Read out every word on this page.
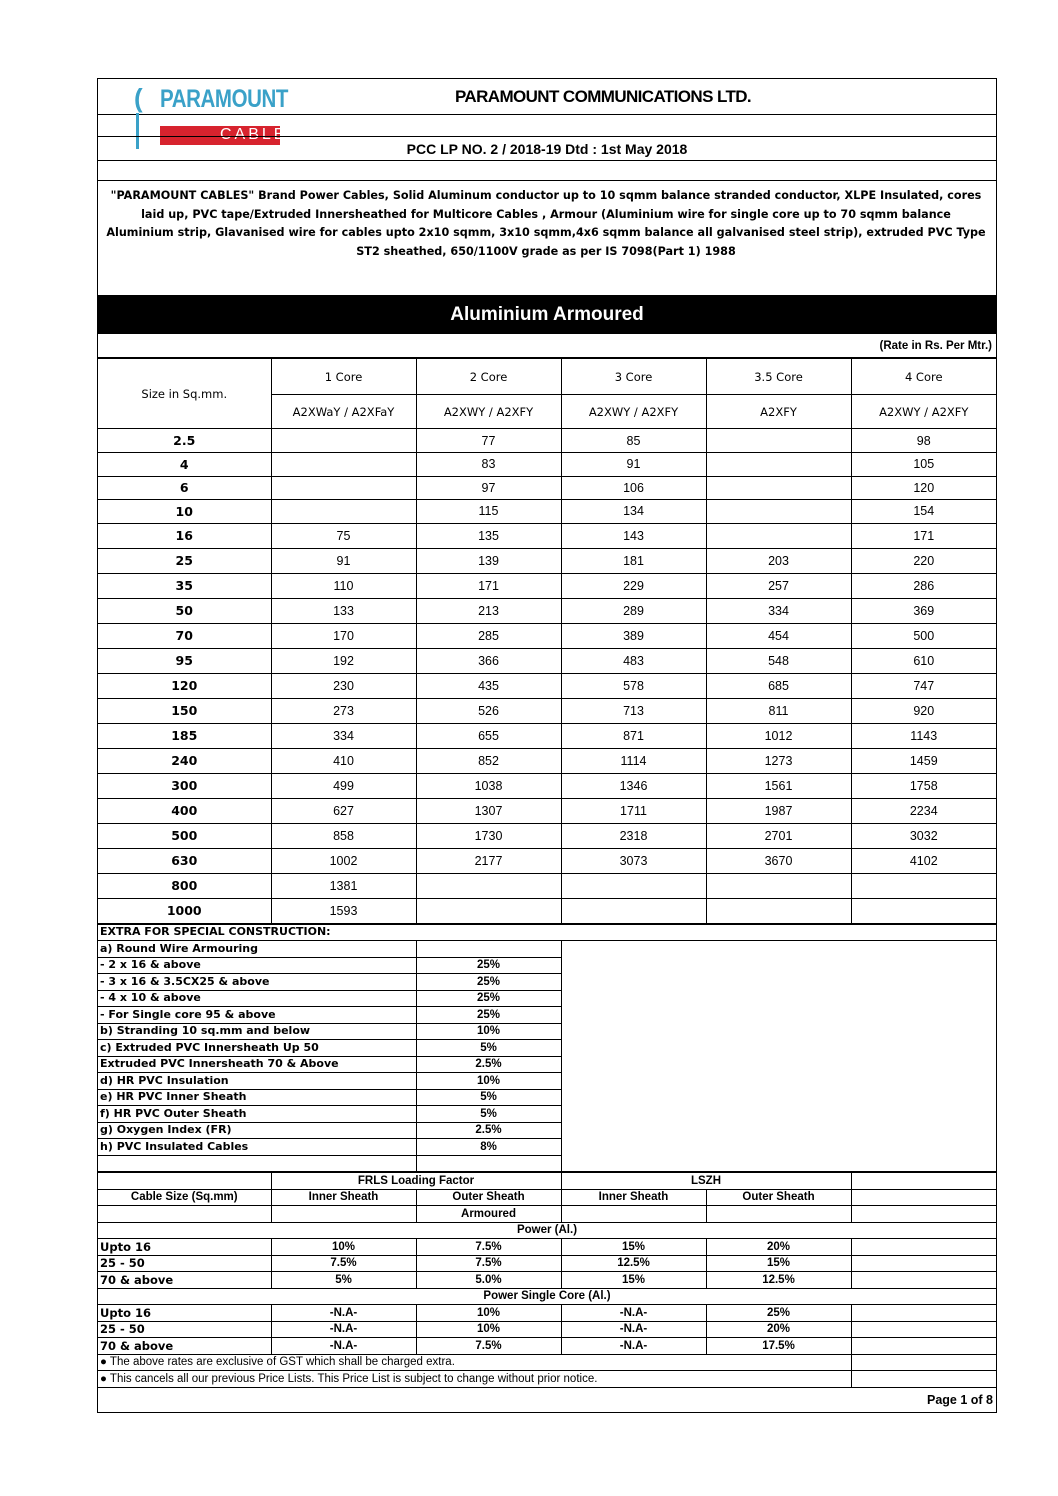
( PARAMOUNT
CABLES
PARAMOUNT COMMUNICATIONS LTD.
PCC LP NO. 2 / 2018-19 Dtd : 1st May 2018
"PARAMOUNT CABLES" Brand Power Cables, Solid Aluminum conductor up to 10 sqmm balance stranded conductor, XLPE Insulated, cores laid up, PVC tape/Extruded Innersheathed for Multicore Cables , Armour (Aluminium wire for single core up to 70 sqmm balance Aluminium strip, Glavanised wire for cables upto 2x10 sqmm, 3x10 sqmm,4x6 sqmm balance all galvanised steel strip), extruded PVC Type ST2 sheathed, 650/1100V grade as per IS 7098(Part 1) 1988
Aluminium Armoured
(Rate in Rs. Per Mtr.)
Size in Sq.mm.	1 Core	2 Core	3 Core	3.5 Core	4 Core
	A2XWaY / A2XFaY	A2XWY / A2XFY	A2XWY / A2XFY	A2XFY	A2XWY / A2XFY
2.5		77	85		98
4		83	91		105
6		97	106		120
10		115	134		154
16	75	135	143		171
25	91	139	181	203	220
35	110	171	229	257	286
50	133	213	289	334	369
70	170	285	389	454	500
95	192	366	483	548	610
120	230	435	578	685	747
150	273	526	713	811	920
185	334	655	871	1012	1143
240	410	852	1114	1273	1459
300	499	1038	1346	1561	1758
400	627	1307	1711	1987	2234
500	858	1730	2318	2701	3032
630	1002	2177	3073	3670	4102
800	1381				
1000	1593				
EXTRA FOR SPECIAL CONSTRUCTION:		
a) Round Wire Armouring		
- 2 x 16 & above	25%	
- 3 x 16 & 3.5CX25 & above	25%	
- 4 x 10 & above	25%	
- For Single core 95 & above	25%	
b) Stranding 10 sq.mm and below	10%	
c) Extruded PVC Innersheath Up 50	5%	
Extruded PVC Innersheath 70 & Above	2.5%	
d) HR PVC Insulation	10%	
e) HR PVC Inner Sheath	5%	
f) HR PVC Outer Sheath	5%	
g) Oxygen Index (FR)	2.5%	
h) PVC Insulated Cables	8%	

	FRLS Loading Factor		LSZH		
Cable Size (Sq.mm)	Inner Sheath	Outer Sheath	Inner Sheath	Outer Sheath	
		Armoured			
Power (Al.)					
Upto 16	10%	7.5%	15%	20%	
25 - 50	7.5%	7.5%	12.5%	15%	
70 & above	5%	5.0%	15%	12.5%	
Power Single Core (Al.)					
Upto 16	-N.A-	10%	-N.A-	25%	
25 - 50	-N.A-	10%	-N.A-	20%	
70 & above	-N.A-	7.5%	-N.A-	17.5%	
● The above rates are exclusive of GST which shall be charged extra.					
● This cancels all our previous Price Lists. This Price List is subject to change without prior notice.					
Page 1 of 8
